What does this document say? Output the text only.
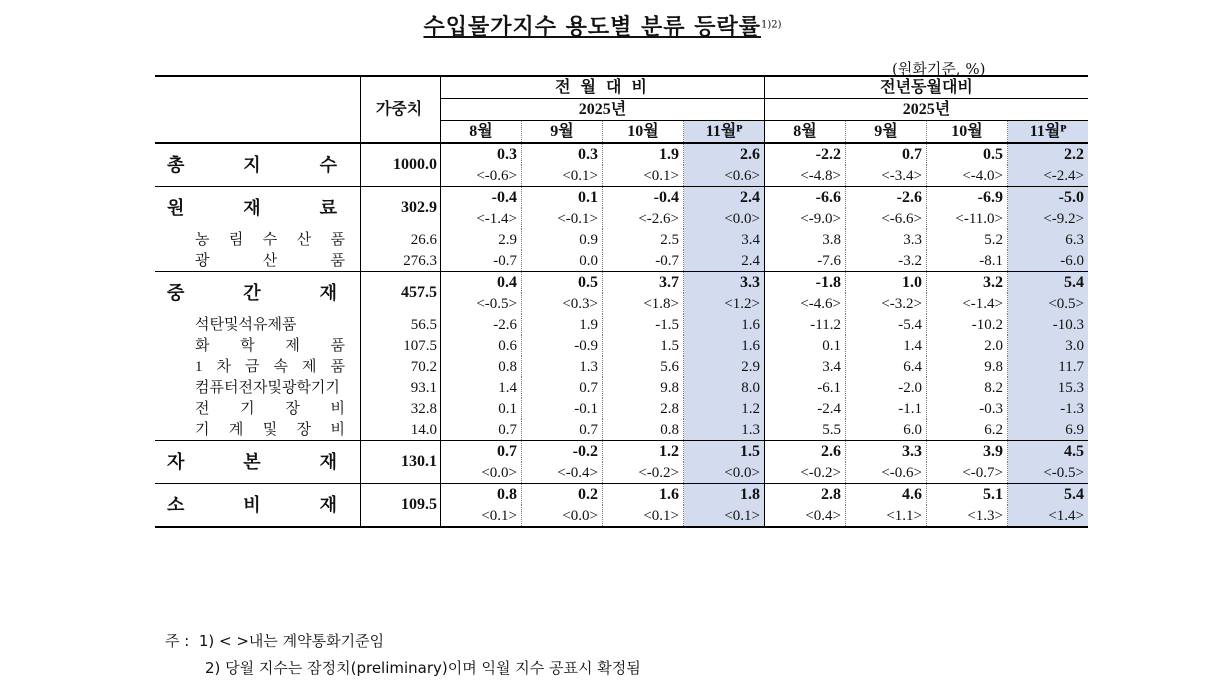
수입물가지수 용도별 분류 등락률$^{1)2)}$
(원화기준, %)
	가중치	전 월 대 비				전년동월대비			
		2025년				2025년			
		8월	9월	10월	11월ᴾ	8월	9월	10월	11월ᴾ

총 지 수	1000.0	0.3	0.3	1.9	2.6	-2.2	0.7	0.5	2.2
		<-0.6>	<0.1>	<0.1>	<0.6>	<-4.8>	<-3.4>	<-4.0>	<-2.4>

원 재 료	302.9	-0.4	0.1	-0.4	2.4	-6.6	-2.6	-6.9	-5.0
		<-1.4>	<-0.1>	<-2.6>	<0.0>	<-9.0>	<-6.6>	<-11.0>	<-9.2>

농 림 수 산 품	26.6	2.9	0.9	2.5	3.4	3.8	3.3	5.2	6.3

광 산 품	276.3	-0.7	0.0	-0.7	2.4	-7.6	-3.2	-8.1	-6.0

중 간 재	457.5	0.4	0.5	3.7	3.3	-1.8	1.0	3.2	5.4
		<-0.5>	<0.3>	<1.8>	<1.2>	<-4.6>	<-3.2>	<-1.4>	<0.5>

석탄및석유제품	56.5	-2.6	1.9	-1.5	1.6	-11.2	-5.4	-10.2	-10.3

화 학 제 품	107.5	0.6	-0.9	1.5	1.6	0.1	1.4	2.0	3.0

1 차 금 속 제 품	70.2	0.8	1.3	5.6	2.9	3.4	6.4	9.8	11.7

컴퓨터전자및광학기기	93.1	1.4	0.7	9.8	8.0	-6.1	-2.0	8.2	15.3

전 기 장 비	32.8	0.1	-0.1	2.8	1.2	-2.4	-1.1	-0.3	-1.3

기 계 및 장 비	14.0	0.7	0.7	0.8	1.3	5.5	6.0	6.2	6.9

자 본 재	130.1	0.7	-0.2	1.2	1.5	2.6	3.3	3.9	4.5
		<0.0>	<-0.4>	<-0.2>	<0.0>	<-0.2>	<-0.6>	<-0.7>	<-0.5>

소 비 재	109.5	0.8	0.2	1.6	1.8	2.8	4.6	5.1	5.4
		<0.1>	<0.0>	<0.1>	<0.1>	<0.4>	<1.1>	<1.3>	<1.4>
주 : 1) < >내는 계약통화기준임
2) 당월 지수는 잠정치(preliminary)이며 익월 지수 공표시 확정됨
